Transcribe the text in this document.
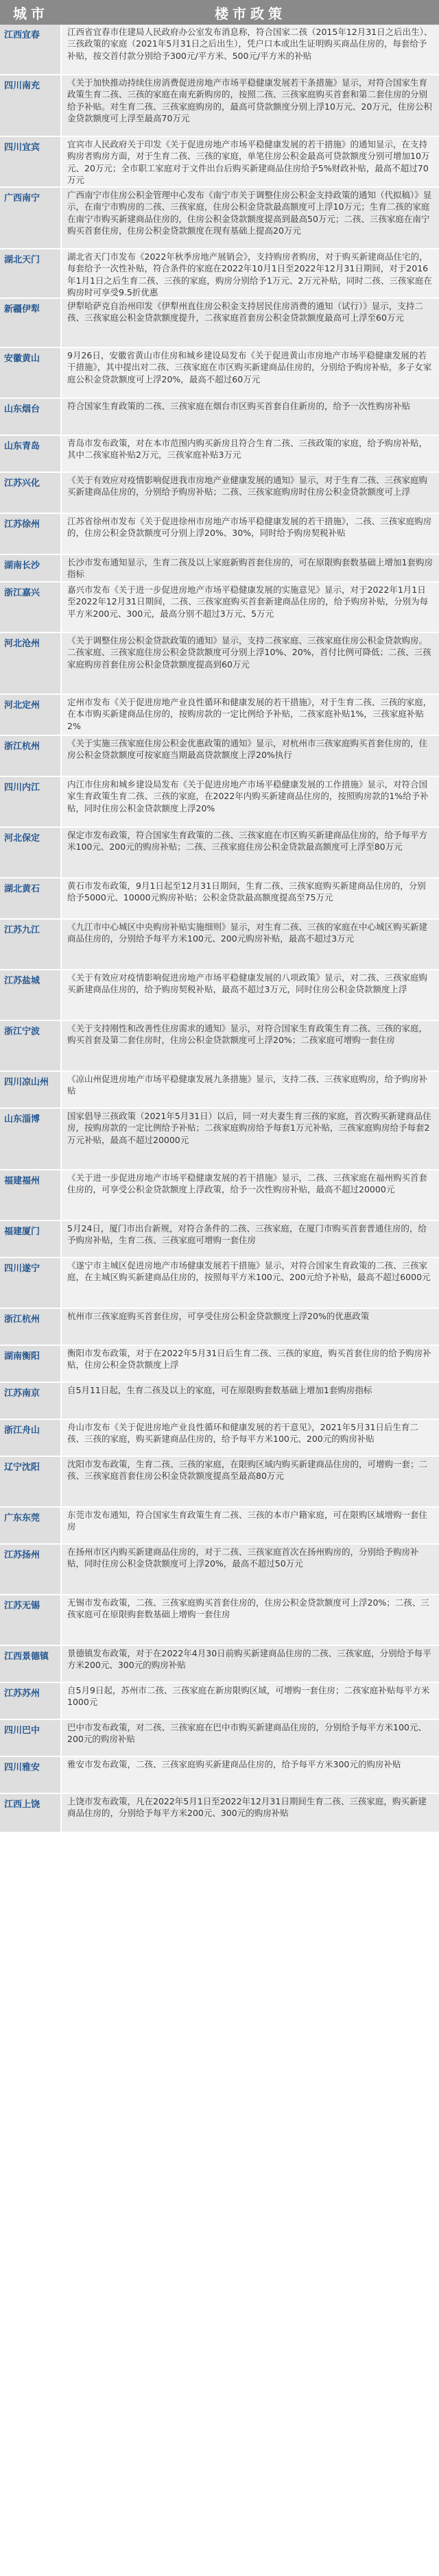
城市	楼市政策
江西宜春	江西省宜春市住建局人民政府办公室发布消息称，符合国家二孩（2015年12月31日之后出生）、三孩政策的家庭（2021年5月31日之后出生），凭户口本或出生证明购买商品住房的，每套给予补贴，按交首付款分别给予300元/平方米、500元/平方米的补贴
四川南充	《关于加快推动持续住房消费促进房地产市场平稳健康发展若干条措施》显示，对符合国家生育政策生育二孩、三孩的家庭在南充新购房的，按照二孩、三孩家庭购买首套和第二套住房的分别给予补贴。对生育二孩、三孩家庭购房的，最高可贷款额度分别上浮10万元、20万元，住房公积金贷款额度可上浮至最高70万元
四川宜宾	宜宾市人民政府关于印发《关于促进房地产市场平稳健康发展的若干措施》的通知显示，在支持购房者购房方面，对于生育二孩、三孩的家庭，单笔住房公积金最高可贷款额度分别可增加10万元、20万元；全市职工家庭对于文件出台后购买新建商品住房给予5%财政补贴，最高不超过70万元
广西南宁	广西南宁市住房公积金管理中心发布《南宁市关于调整住房公积金支持政策的通知（代拟稿）》显示，在南宁市购房的二孩、三孩家庭，住房公积金贷款最高额度可上浮10万元；生育二孩的家庭在南宁市购买新建商品住房的，住房公积金贷款额度提高到最高50万元；二孩、三孩家庭在南宁购买首套住房，住房公积金贷款额度在现有基础上提高20万元
湖北天门	湖北省天门市发布《2022年秋季房地产展销会》，支持购房者购房，对于购买新建商品住宅的，每套给予一次性补贴，符合条件的家庭在2022年10月1日至2022年12月31日期间，对于2016年1月1日之后生育二孩、三孩的家庭，购房分别给予1万元、2万元补贴，同时二孩、三孩家庭在购房时可享受9.5折优惠
新疆伊犁	伊犁哈萨克自治州印发《伊犁州直住房公积金支持居民住房消费的通知（试行）》显示，支持二孩、三孩家庭公积金贷款额度提升，二孩家庭首套房公积金贷款额度最高可上浮至60万元
安徽黄山	9月26日，安徽省黄山市住房和城乡建设局发布《关于促进黄山市房地产市场平稳健康发展的若干措施》，其中提出对二孩、三孩家庭在市区购买新建商品住房的，分别给予购房补贴，多子女家庭公积金贷款额度可上浮20%，最高不超过60万元
山东烟台	符合国家生育政策的二孩、三孩家庭在烟台市区购买首套自住新房的，给予一次性购房补贴
山东青岛	青岛市发布政策，对在本市范围内购买新房且符合生育二孩、三孩政策的家庭，给予购房补贴，其中二孩家庭补贴2万元，三孩家庭补贴3万元
江苏兴化	《关于有效应对疫情影响促进我市房地产业健康发展的通知》显示，对于生育二孩、三孩家庭购买新建商品住房的，分别给予购房补贴；二孩、三孩家庭购房时住房公积金贷款额度可上浮
江苏徐州	江苏省徐州市发布《关于促进徐州市房地产市场平稳健康发展的若干措施》，二孩、三孩家庭购房的，住房公积金贷款额度可分别上浮20%、30%，同时给予购房契税补贴
湖南长沙	长沙市发布通知显示，生育二孩及以上家庭新购首套住房的，可在原限购套数基础上增加1套购房指标
浙江嘉兴	嘉兴市发布《关于进一步促进房地产市场平稳健康发展的实施意见》显示，对于2022年1月1日至2022年12月31日期间，二孩、三孩家庭购买首套新建商品住房的，给予购房补贴，分别为每平方米200元、300元，最高分别不超过3万元、5万元
河北沧州	《关于调整住房公积金贷款政策的通知》显示，支持二孩家庭、三孩家庭住房公积金贷款购房。二孩家庭、三孩家庭住房公积金贷款额度可分别上浮10%、20%，首付比例可降低；二孩、三孩家庭购房首套住房公积金贷款额度提高到60万元
河北定州	定州市发布《关于促进房地产业良性循环和健康发展的若干措施》，对于生育二孩、三孩的家庭，在本市购买新建商品住房的，按购房款的一定比例给予补贴，二孩家庭补贴1%，三孩家庭补贴2%
浙江杭州	《关于实施三孩家庭住房公积金优惠政策的通知》显示，对杭州市三孩家庭购买首套住房的，住房公积金贷款额度可按家庭当期最高贷款额度上浮20%执行
四川内江	内江市住房和城乡建设局发布《关于促进房地产市场平稳健康发展的工作措施》显示，对符合国家生育政策生育二孩、三孩的家庭，在2022年内购买新建商品住房的，按照购房款的1%给予补贴，同时住房公积金贷款额度上浮20%
河北保定	保定市发布政策，符合国家生育政策的二孩、三孩家庭在市区购买新建商品住房的，给予每平方米100元、200元的购房补贴；二孩、三孩家庭住房公积金贷款最高额度可上浮至80万元
湖北黄石	黄石市发布政策，9月1日起至12月31日期间，生育二孩、三孩家庭购买新建商品住房的，分别给予5000元、10000元购房补贴；公积金贷款最高额度提高至75万元
江苏九江	《九江市中心城区中央购房补贴实施细则》显示，对生育二孩、三孩的家庭在中心城区购买新建商品住房的，分别给予每平方米100元、200元购房补贴，最高不超过3万元
江苏盐城	《关于有效应对疫情影响促进房地产市场平稳健康发展的八项政策》显示，对二孩、三孩家庭购买新建商品住房的，给予购房契税补贴，最高不超过3万元，同时住房公积金贷款额度上浮
浙江宁波	《关于支持刚性和改善性住房需求的通知》显示，对符合国家生育政策生育二孩、三孩的家庭，购买首套及第二套住房时，住房公积金贷款额度可上浮20%；二孩家庭可增购一套住房
四川凉山州	《凉山州促进房地产市场平稳健康发展九条措施》显示，支持二孩、三孩家庭购房，给予购房补贴
山东淄博	国家倡导三孩政策（2021年5月31日）以后，同一对夫妻生育三孩的家庭，首次购买新建商品住房，按购房款的一定比例给予补贴；二孩家庭购房给予每套1万元补贴，三孩家庭购房给予每套2万元补贴，最高不超过20000元
福建福州	《关于进一步促进房地产市场平稳健康发展的若干措施》显示，二孩、三孩家庭在福州购买首套住房的，可享受公积金贷款额度上浮政策，给予一次性购房补贴，最高不超过20000元
福建厦门	5月24日，厦门市出台新规，对符合条件的二孩、三孩家庭，在厦门市购买首套普通住房的，给予购房补贴，生育二孩、三孩家庭可增购一套住房
四川遂宁	《遂宁市主城区促进房地产市场健康发展若干措施》显示，对符合国家生育政策的二孩、三孩家庭，在主城区购买新建商品住房的，按照每平方米100元、200元给予补贴，最高不超过6000元
浙江杭州	杭州市三孩家庭购买首套住房，可享受住房公积金贷款额度上浮20%的优惠政策
湖南衡阳	衡阳市发布政策，对于在2022年5月31日后生育二孩、三孩的家庭，购买首套住房的给予购房补贴，住房公积金贷款额度上浮
江苏南京	自5月11日起，生育二孩及以上的家庭，可在原限购套数基础上增加1套购房指标
浙江舟山	舟山市发布《关于促进房地产业良性循环和健康发展的若干意见》，2021年5月31日后生育二孩、三孩的家庭，购买新建商品住房的，给予每平方米100元、200元的购房补贴
辽宁沈阳	沈阳市发布政策，生育二孩、三孩的家庭，在限购区域内购买新建商品住房的，可增购一套；二孩、三孩家庭首套住房公积金贷款额度提高至最高80万元
广东东莞	东莞市发布通知，符合国家生育政策生育二孩、三孩的本市户籍家庭，可在限购区域增购一套住房
江苏扬州	在扬州市区内购买新建商品住房的，对于二孩、三孩家庭首次在扬州购房的，分别给予购房补贴，同时住房公积金贷款额度可上浮20%，最高不超过50万元
江苏无锡	无锡市发布政策，二孩、三孩家庭购买首套住房的，住房公积金贷款额度可上浮20%；二孩、三孩家庭可在原限购套数基础上增购一套住房
江西景德镇	景德镇发布政策，对于在2022年4月30日前购买新建商品住房的二孩、三孩家庭，分别给予每平方米200元、300元的购房补贴
江苏苏州	自5月9日起，苏州市二孩、三孩家庭在新房限购区域，可增购一套住房；二孩家庭补贴每平方米1000元
四川巴中	巴中市发布政策，对二孩、三孩家庭在巴中市购买新建商品住房的，分别给予每平方米100元、200元的购房补贴
四川雅安	雅安市发布政策，二孩、三孩家庭购买新建商品住房的，给予每平方米300元的购房补贴
江西上饶	上饶市发布政策，凡在2022年5月1日至2022年12月31日期间生育二孩、三孩家庭，购买新建商品住房的，分别给予每平方米200元、300元的购房补贴
